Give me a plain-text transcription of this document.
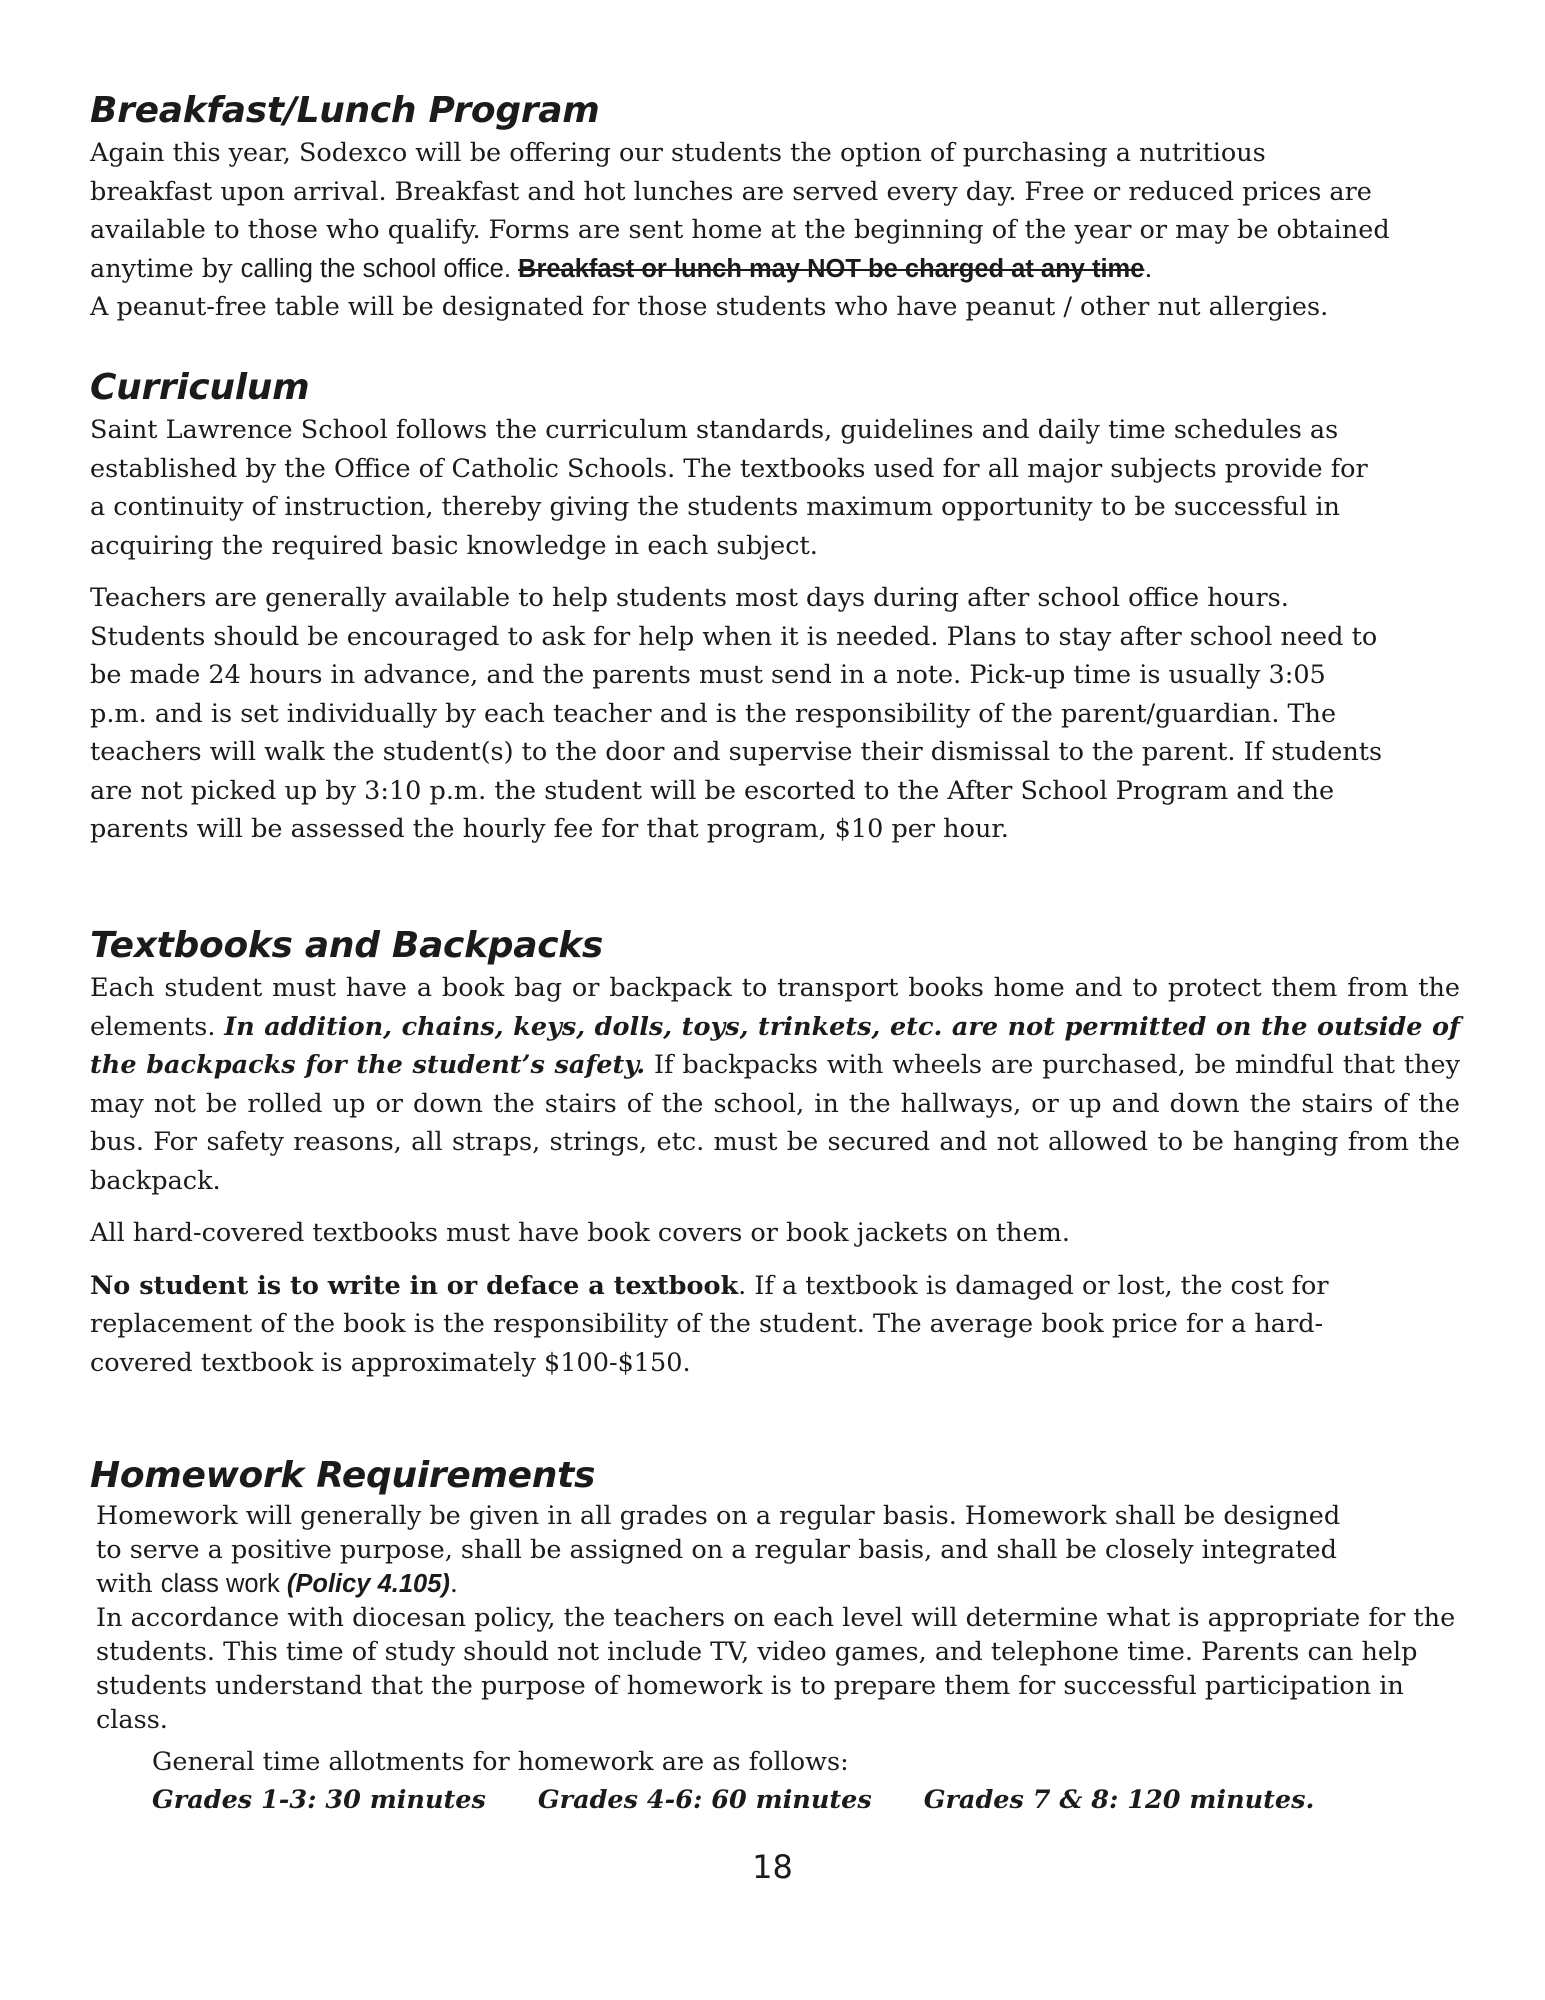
Breakfast/Lunch Program

Again this year, Sodexco will be offering our students the option of purchasing a nutritious breakfast upon arrival. Breakfast and hot lunches are served every day. Free or reduced prices are available to those who qualify. Forms are sent home at the beginning of the year or may be obtained anytime by calling the school office. Breakfast or lunch may NOT be charged at any time.

A peanut-free table will be designated for those students who have peanut / other nut allergies.

Curriculum

Saint Lawrence School follows the curriculum standards, guidelines and daily time schedules as established by the Office of Catholic Schools. The textbooks used for all major subjects provide for a continuity of instruction, thereby giving the students maximum opportunity to be successful in acquiring the required basic knowledge in each subject.

Teachers are generally available to help students most days during after school office hours. Students should be encouraged to ask for help when it is needed. Plans to stay after school need to be made 24 hours in advance, and the parents must send in a note. Pick-up time is usually 3:05 p.m. and is set individually by each teacher and is the responsibility of the parent/guardian. The teachers will walk the student(s) to the door and supervise their dismissal to the parent. If students are not picked up by 3:10 p.m. the student will be escorted to the After School Program and the parents will be assessed the hourly fee for that program, $10 per hour.

Textbooks and Backpacks

Each student must have a book bag or backpack to transport books home and to protect them from the elements. In addition, chains, keys, dolls, toys, trinkets, etc. are not permitted on the outside of the backpacks for the student’s safety. If backpacks with wheels are purchased, be mindful that they may not be rolled up or down the stairs of the school, in the hallways, or up and down the stairs of the bus. For safety reasons, all straps, strings, etc. must be secured and not allowed to be hanging from the backpack.

All hard-covered textbooks must have book covers or book jackets on them.

No student is to write in or deface a textbook. If a textbook is damaged or lost, the cost for replacement of the book is the responsibility of the student. The average book price for a hard-covered textbook is approximately $100-$150.

Homework Requirements

Homework will generally be given in all grades on a regular basis. Homework shall be designed to serve a positive purpose, shall be assigned on a regular basis, and shall be closely integrated with class work (Policy 4.105).

In accordance with diocesan policy, the teachers on each level will determine what is appropriate for the students. This time of study should not include TV, video games, and telephone time. Parents can help students understand that the purpose of homework is to prepare them for successful participation in class.

General time allotments for homework are as follows:
Grades 1-3: 30 minutes Grades 4-6: 60 minutes Grades 7 & 8: 120 minutes.
18
